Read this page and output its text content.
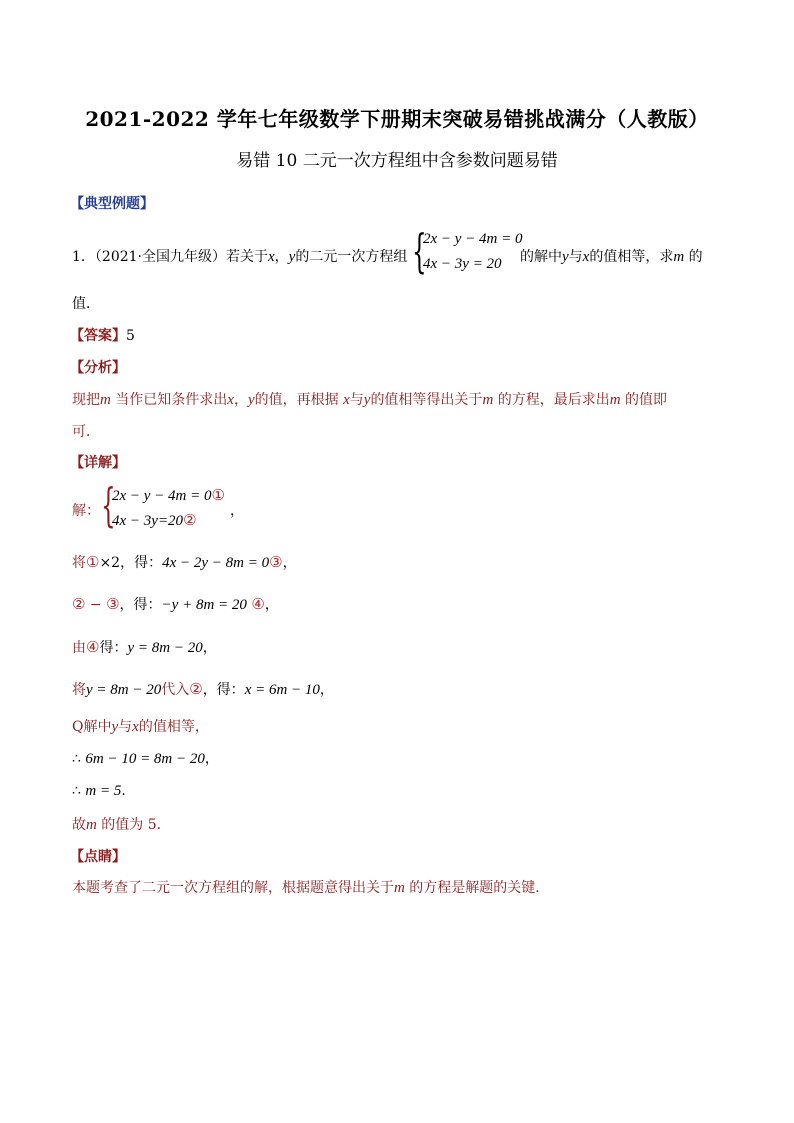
2021-2022 学年七年级数学下册期末突破易错挑战满分（人教版）
易错 10 二元一次方程组中含参数问题易错
【典型例题】
1．（2021·全国九年级）若关于x，y的二元一次方程组 {
2x − y − 4m = 0
4x − 3y = 20 的解中y与x的值相等，求m 的
值．
【答案】5
【分析】
现把m 当作已知条件求出x，y的值，再根据 x与y的值相等得出关于m 的方程，最后求出m 的值即
可．
【详解】
解： {
2x − y − 4m = 0①
4x − 3y=20② ，
将①×2，得：4x − 2y − 8m = 0③，
② − ③，得：−y + 8m = 20 ④，
由④得：y = 8m − 20，
将y = 8m − 20代入②，得：x = 6m − 10，
Q解中y与x的值相等，
∴ 6m − 10 = 8m − 20，
∴ m = 5．
故m 的值为 5．
【点睛】
本题考查了二元一次方程组的解，根据题意得出关于m 的方程是解题的关键．
